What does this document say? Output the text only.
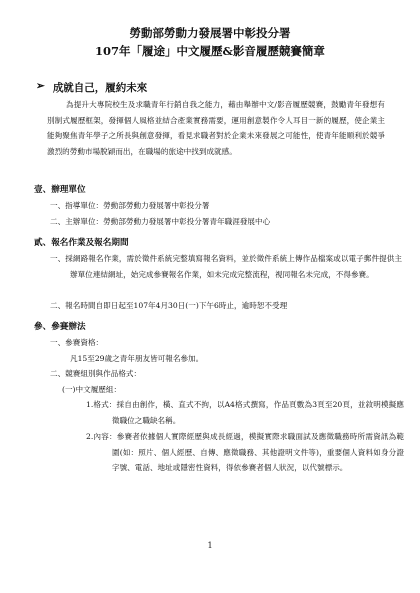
勞動部勞動力發展署中彰投分署
107年「履途」中文履歷&影音履歷競賽簡章
➢ 成就自己，履約未來
為提升大專院校生及求職青年行銷自我之能力，藉由舉辦中文/影音履歷競賽，鼓勵青年發想有別制式履歷框架，發揮個人風格並結合產業實務需要，運用創意製作令人耳目一新的履歷，使企業主能夠聚焦青年學子之所長與創意發揮，看見求職者對於企業未來發展之可能性，使青年能順利於競爭激烈的勞動市場脫穎而出，在職場的旅途中找到成就感。
壹、辦理單位
一、指導單位：勞動部勞動力發展署中彰投分署
二、主辦單位：勞動部勞動力發展署中彰投分署青年職涯發展中心
貳、報名作業及報名期間
一、採網路報名作業，需於徵件系統完整填寫報名資料，並於徵件系統上傳作品檔案或以電子郵件提供主辦單位連結網址，始完成參賽報名作業，如未完成完整流程，視同報名未完成，不得參賽。
二、報名時間自即日起至107年4月30日(一)下午6時止，逾時恕不受理
參、參賽辦法
一、參賽資格：
凡15至29歲之青年朋友皆可報名參加。
二、競賽組別與作品格式：
(一)中文履歷組：
1.格式：採自由創作，橫、直式不拘，以A4格式撰寫，作品頁數為3頁至20頁，並敘明模擬應徵職位之職缺名稱。
2.內容：參賽者依據個人實際經歷與成長經過，模擬實際求職面試及應徵職務時所需資訊為範圍(如：照片、個人經歷、自傳、應徵職務、其他證明文件等)，重要個人資料如身分證字號、電話、地址或隱密性資料，得依參賽者個人狀況，以代號標示。
1
